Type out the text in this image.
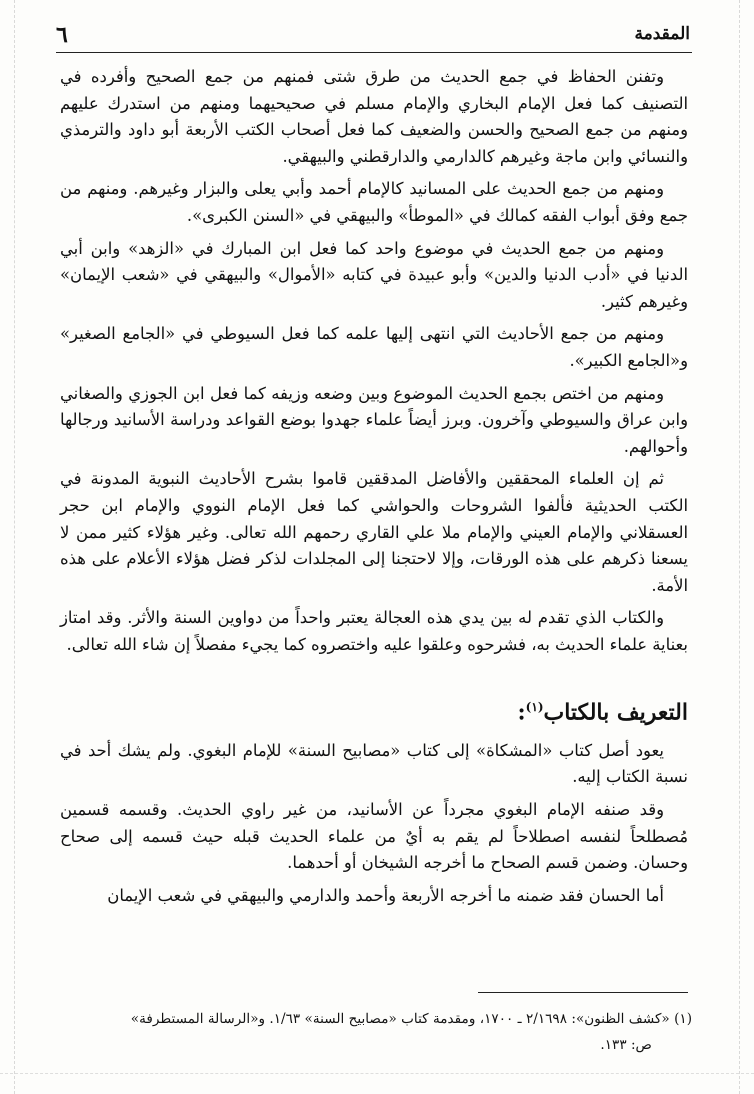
٦	المقدمة

وتفنن الحفاظ في جمع الحديث من طرق شتى فمنهم من جمع الصحيح وأفرده في التصنيف كما فعل الإمام البخاري والإمام مسلم في صحيحيهما ومنهم من استدرك عليهم ومنهم من جمع الصحيح والحسن والضعيف كما فعل أصحاب الكتب الأربعة أبو داود والترمذي والنسائي وابن ماجة وغيرهم كالدارمي والدارقطني والبيهقي.

ومنهم من جمع الحديث على المسانيد كالإمام أحمد وأبي يعلى والبزار وغيرهم. ومنهم من جمع وفق أبواب الفقه كمالك في «الموطأ» والبيهقي في «السنن الكبرى».

ومنهم من جمع الحديث في موضوع واحد كما فعل ابن المبارك في «الزهد» وابن أبي الدنيا في «أدب الدنيا والدين» وأبو عبيدة في كتابه «الأموال» والبيهقي في «شعب الإيمان» وغيرهم كثير.

ومنهم من جمع الأحاديث التي انتهى إليها علمه كما فعل السيوطي في «الجامع الصغير» و«الجامع الكبير».

ومنهم من اختص بجمع الحديث الموضوع وبين وضعه وزيفه كما فعل ابن الجوزي والصغاني وابن عراق والسيوطي وآخرون. وبرز أيضاً علماء جهدوا بوضع القواعد ودراسة الأسانيد ورجالها وأحوالهم.

ثم إن العلماء المحققين والأفاضل المدققين قاموا بشرح الأحاديث النبوية المدونة في الكتب الحديثية فألفوا الشروحات والحواشي كما فعل الإمام النووي والإمام ابن حجر العسقلاني والإمام العيني والإمام ملا علي القاري رحمهم الله تعالى. وغير هؤلاء كثير ممن لا يسعنا ذكرهم على هذه الورقات، وإلا لاحتجنا إلى المجلدات لذكر فضل هؤلاء الأعلام على هذه الأمة.

والكتاب الذي تقدم له بين يدي هذه العجالة يعتبر واحداً من دواوين السنة والأثر. وقد امتاز بعناية علماء الحديث به، فشرحوه وعلقوا عليه واختصروه كما يجيء مفصلاً إن شاء الله تعالى.

التعريف بالكتاب$^{(١)}$:

يعود أصل كتاب «المشكاة» إلى كتاب «مصابيح السنة» للإمام البغوي. ولم يشك أحد في نسبة الكتاب إليه.

وقد صنفه الإمام البغوي مجرداً عن الأسانيد، من غير راوي الحديث. وقسمه قسمين مُصطلحاً لنفسه اصطلاحاً لم يقم به أيٌ من علماء الحديث قبله حيث قسمه إلى صحاح وحسان. وضمن قسم الصحاح ما أخرجه الشيخان أو أحدهما.

أما الحسان فقد ضمنه ما أخرجه الأربعة وأحمد والدارمي والبيهقي في شعب الإيمان

(١) «كشف الظنون»: ٢/١٦٩٨ ـ ١٧٠٠، ومقدمة كتاب «مصابيح السنة» ١/٦٣. و«الرسالة المستطرفة»
ص: ١٣٣.
